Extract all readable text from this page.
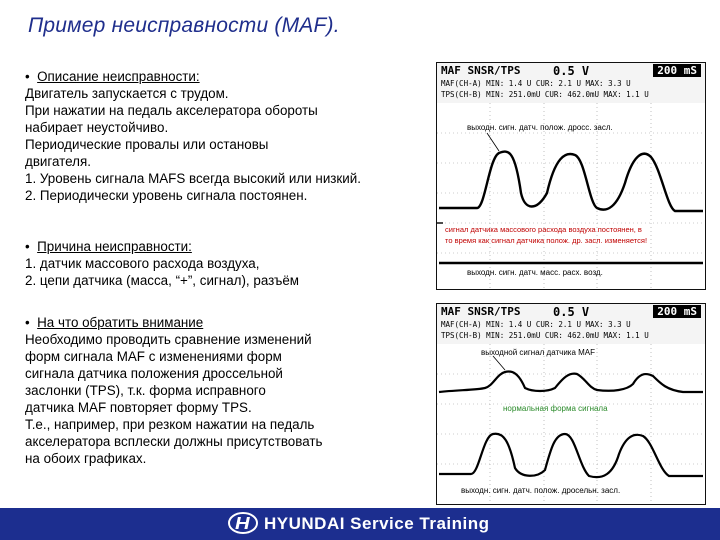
Пример неисправности (MAF).
•  Описание неисправности:
Двигатель запускается с трудом.
При нажатии на педаль акселератора обороты
набирает неустойчиво.
Периодические провалы или остановы
двигателя.
1. Уровень сигнала MAFS всегда высокий или низкий.
2. Периодически уровень сигнала постоянен.
•  Причина неисправности:
1. датчик массового расхода воздуха,
2. цепи датчика (масса, “+”, сигнал), разъём
•  На что обратить внимание
Необходимо проводить сравнение изменений
форм сигнала MAF с изменениями форм
сигнала датчика положения дроссельной
заслонки (TPS), т.к. форма исправного
датчика MAF повторяет форму TPS.
Т.е., например, при резком нажатии на педаль
акселератора всплески должны присутствовать
на обоих графиках.
MAF SNSR/TPS	0.5 V	200 mS
MAF(CH-A) MIN: 1.4 U CUR: 2.1 U MAX: 3.3 U
TPS(CH-B) MIN: 251.0mU CUR: 462.0mU MAX: 1.1 U
выходн. сигн. датч. полож. дросс. засл.
сигнал датчика массового расхода воздуха постоянен, в
то время как сигнал датчика полож. др. засл. изменяется!
выходн. сигн. датч. масс. расх. возд.
MAF SNSR/TPS	0.5 V	200 mS
MAF(CH-A) MIN: 1.4 U CUR: 2.1 U MAX: 3.3 U
TPS(CH-B) MIN: 251.0mU CUR: 462.0mU MAX: 1.1 U
выходной сигнал датчика MAF
нормальная форма сигнала
выходн. сигн. датч. полож. дросельн. засл.
HYUNDAI Service Training
